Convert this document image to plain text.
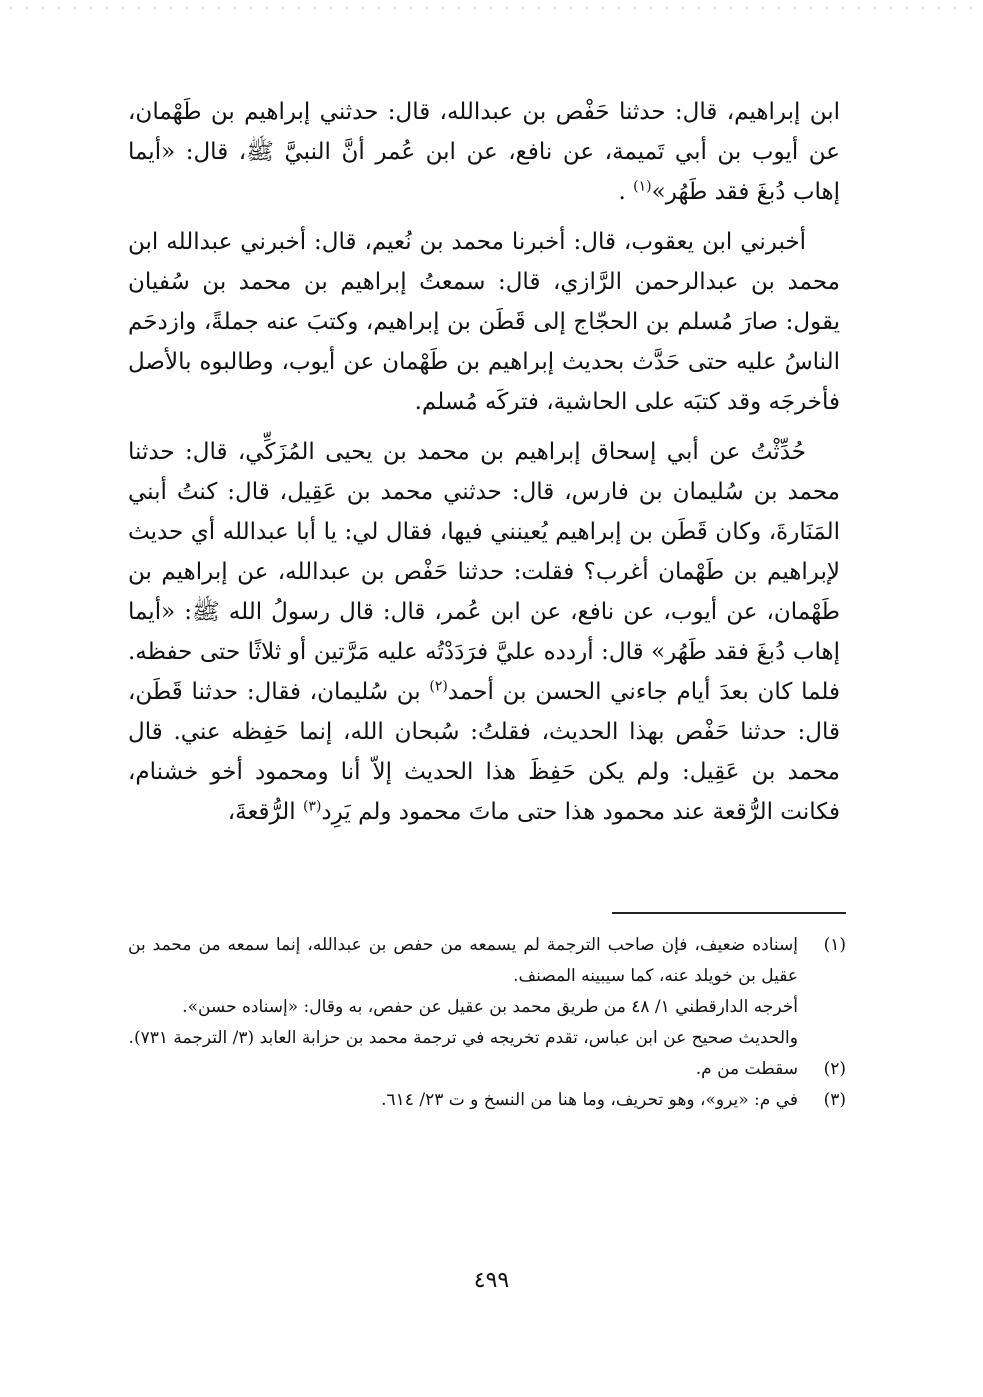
ابن إبراهيم، قال: حدثنا حَفْص بن عبدالله، قال: حدثني إبراهيم بن طَهْمان، عن أيوب بن أبي تَميمة، عن نافع، عن ابن عُمر أنَّ النبيَّ ﷺ، قال: «أيما إهاب دُبغَ فقد طَهُر»$^{(١)}$ .

أخبرني ابن يعقوب، قال: أخبرنا محمد بن نُعيم، قال: أخبرني عبدالله ابن محمد بن عبدالرحمن الرَّازي، قال: سمعتُ إبراهيم بن محمد بن سُفيان يقول: صارَ مُسلم بن الحجّاج إلى قَطَن بن إبراهيم، وكتبَ عنه جملةً، وازدحَم الناسُ عليه حتى حَدَّث بحديث إبراهيم بن طَهْمان عن أيوب، وطالبوه بالأصل فأخرجَه وقد كتبَه على الحاشية، فتركَه مُسلم.

حُدِّثْتُ عن أبي إسحاق إبراهيم بن محمد بن يحيى المُزَكِّي، قال: حدثنا محمد بن سُليمان بن فارس، قال: حدثني محمد بن عَقِيل، قال: كنتُ أبني المَنَارةَ، وكان قَطَن بن إبراهيم يُعينني فيها، فقال لي: يا أبا عبدالله أي حديث لإبراهيم بن طَهْمان أغرب؟ فقلت: حدثنا حَفْص بن عبدالله، عن إبراهيم بن طَهْمان، عن أيوب، عن نافع، عن ابن عُمر، قال: قال رسولُ الله ﷺ: «أيما إهاب دُبغَ فقد طَهُر» قال: أردده عليَّ فرَدَدْتُه عليه مَرَّتين أو ثلاثًا حتى حفظه. فلما كان بعدَ أيام جاءني الحسن بن أحمد$^{(٢)}$ بن سُليمان، فقال: حدثنا قَطَن، قال: حدثنا حَفْص بهذا الحديث، فقلتُ: سُبحان الله، إنما حَفِظه عني. قال محمد بن عَقِيل: ولم يكن حَفِظَ هذا الحديث إلاّ أنا ومحمود أخو خشنام، فكانت الرُّقعة عند محمود هذا حتى ماتَ محمود ولم يَرِد$^{(٣)}$ الرُّقعةَ،

(١)
إسناده ضعيف، فإن صاحب الترجمة لم يسمعه من حفص بن عبدالله، إنما سمعه من محمد بن عقيل بن خويلد عنه، كما سيبينه المصنف.

أخرجه الدارقطني ١/ ٤٨ من طريق محمد بن عقيل عن حفص، به وقال: «إسناده حسن».

والحديث صحيح عن ابن عباس، تقدم تخريجه في ترجمة محمد بن حزابة العابد (٣/ الترجمة ٧٣١).

(٢)
سقطت من م.
(٣)
في م: «يرو»، وهو تحريف، وما هنا من النسخ و ت ٢٣/ ٦١٤.
٤٩٩
